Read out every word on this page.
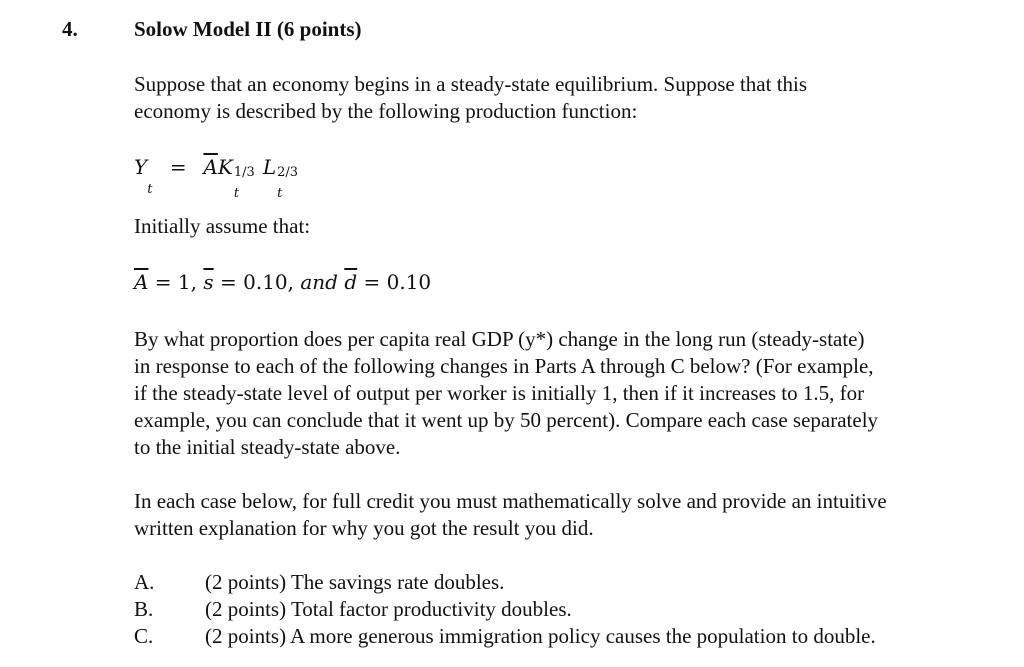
4.	Solow Model II (6 points)
Suppose that an economy begins in a steady-state equilibrium. Suppose that this
economy is described by the following production function:
Y
t
= $\overline{A}K$ 1/3
t
L 2/3
t
Initially assume that:
$\overline{A} = 1$, $\overline{s} = 0.10$, and $\overline{d} = 0.10$
By what proportion does per capita real GDP (y*) change in the long run (steady-state)
in response to each of the following changes in Parts A through C below? (For example,
if the steady-state level of output per worker is initially 1, then if it increases to 1.5, for
example, you can conclude that it went up by 50 percent). Compare each case separately
to the initial steady-state above.
In each case below, for full credit you must mathematically solve and provide an intuitive
written explanation for why you got the result you did.
A. (2 points) The savings rate doubles.
B. (2 points) Total factor productivity doubles.
C. (2 points) A more generous immigration policy causes the population to double.
